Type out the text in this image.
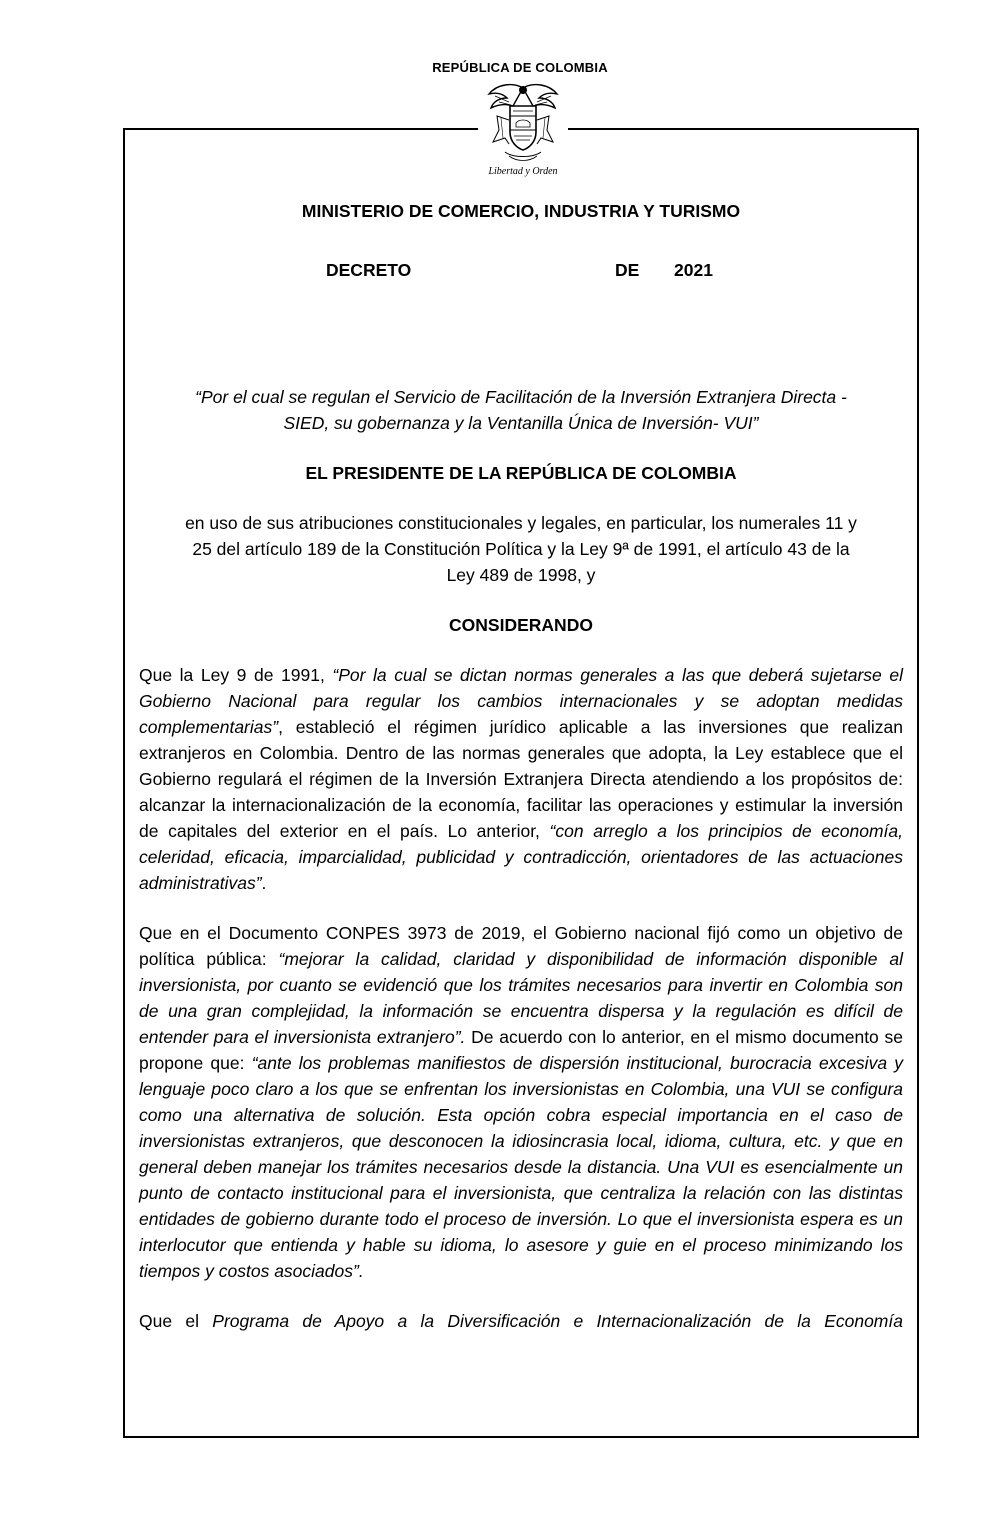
REPÚBLICA DE COLOMBIA
Libertad y Orden
MINISTERIO DE COMERCIO, INDUSTRIA Y TURISMO
DECRETO	DE 2021
“Por el cual se regulan el Servicio de Facilitación de la Inversión Extranjera Directa -
SIED, su gobernanza y la Ventanilla Única de Inversión- VUI”
EL PRESIDENTE DE LA REPÚBLICA DE COLOMBIA
en uso de sus atribuciones constitucionales y legales, en particular, los numerales 11 y
25 del artículo 189 de la Constitución Política y la Ley 9ª de 1991, el artículo 43 de la
Ley 489 de 1998, y
CONSIDERANDO

Que la Ley 9 de 1991, “Por la cual se dictan normas generales a las que deberá sujetarse el Gobierno Nacional para regular los cambios internacionales y se adoptan medidas complementarias”, estableció el régimen jurídico aplicable a las inversiones que realizan extranjeros en Colombia. Dentro de las normas generales que adopta, la Ley establece que el Gobierno regulará el régimen de la Inversión Extranjera Directa atendiendo a los propósitos de: alcanzar la internacionalización de la economía, facilitar las operaciones y estimular la inversión de capitales del exterior en el país. Lo anterior, “con arreglo a los principios de economía, celeridad, eficacia, imparcialidad, publicidad y contradicción, orientadores de las actuaciones administrativas”.

Que en el Documento CONPES 3973 de 2019, el Gobierno nacional fijó como un objetivo de política pública: “mejorar la calidad, claridad y disponibilidad de información disponible al inversionista, por cuanto se evidenció que los trámites necesarios para invertir en Colombia son de una gran complejidad, la información se encuentra dispersa y la regulación es difícil de entender para el inversionista extranjero”. De acuerdo con lo anterior, en el mismo documento se propone que: “ante los problemas manifiestos de dispersión institucional, burocracia excesiva y lenguaje poco claro a los que se enfrentan los inversionistas en Colombia, una VUI se configura como una alternativa de solución. Esta opción cobra especial importancia en el caso de inversionistas extranjeros, que desconocen la idiosincrasia local, idioma, cultura, etc. y que en general deben manejar los trámites necesarios desde la distancia. Una VUI es esencialmente un punto de contacto institucional para el inversionista, que centraliza la relación con las distintas entidades de gobierno durante todo el proceso de inversión. Lo que el inversionista espera es un interlocutor que entienda y hable su idioma, lo asesore y guie en el proceso minimizando los tiempos y costos asociados”.

Que el Programa de Apoyo a la Diversificación e Internacionalización de la Economía
